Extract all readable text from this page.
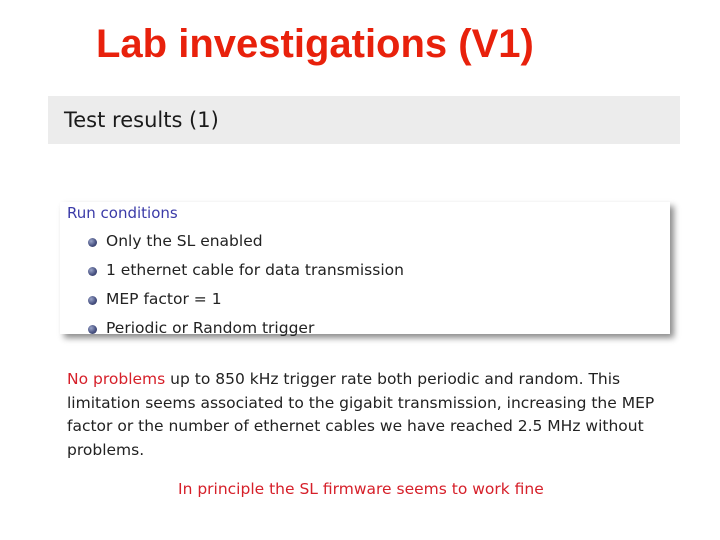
Lab investigations (V1)
Test results (1)
Run conditions
Only the SL enabled
1 ethernet cable for data transmission
MEP factor = 1
Periodic or Random trigger
No problems up to 850 kHz trigger rate both periodic and random. This limitation seems associated to the gigabit transmission, increasing the MEP factor or the number of ethernet cables we have reached 2.5 MHz without problems.
In principle the SL firmware seems to work fine
